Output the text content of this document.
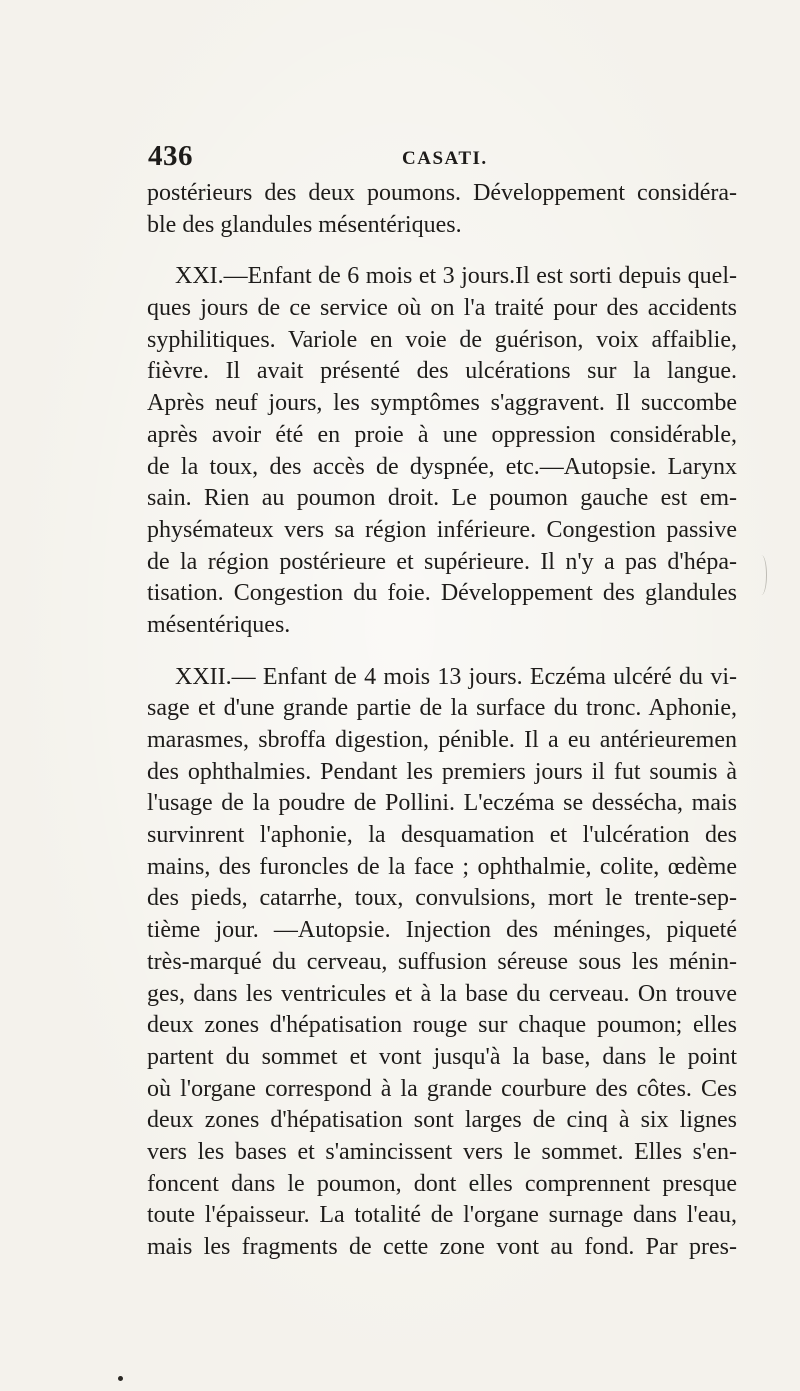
436	CASATI.
postérieurs des deux poumons. Développement considéra-
ble des glandules mésentériques.
XXI.—Enfant de 6 mois et 3 jours.Il est sorti depuis quel-
ques jours de ce service où on l'a traité pour des accidents
syphilitiques. Variole en voie de guérison, voix affaiblie,
fièvre. Il avait présenté des ulcérations sur la langue.
Après neuf jours, les symptômes s'aggravent. Il succombe
après avoir été en proie à une oppression considérable,
de la toux, des accès de dyspnée, etc.—Autopsie. Larynx
sain. Rien au poumon droit. Le poumon gauche est em-
physémateux vers sa région inférieure. Congestion passive
de la région postérieure et supérieure. Il n'y a pas d'hépa-
tisation. Congestion du foie. Développement des glandules
mésentériques.
XXII.— Enfant de 4 mois 13 jours. Eczéma ulcéré du vi-
sage et d'une grande partie de la surface du tronc. Aphonie,
marasmes, sbroffa digestion, pénible. Il a eu antérieuremen
des ophthalmies. Pendant les premiers jours il fut soumis à
l'usage de la poudre de Pollini. L'eczéma se dessécha, mais
survinrent l'aphonie, la desquamation et l'ulcération des
mains, des furoncles de la face ; ophthalmie, colite, œdème
des pieds, catarrhe, toux, convulsions, mort le trente-sep-
tième jour. —Autopsie. Injection des méninges, piqueté
très-marqué du cerveau, suffusion séreuse sous les ménin-
ges, dans les ventricules et à la base du cerveau. On trouve
deux zones d'hépatisation rouge sur chaque poumon; elles
partent du sommet et vont jusqu'à la base, dans le point
où l'organe correspond à la grande courbure des côtes. Ces
deux zones d'hépatisation sont larges de cinq à six lignes
vers les bases et s'amincissent vers le sommet. Elles s'en-
foncent dans le poumon, dont elles comprennent presque
toute l'épaisseur. La totalité de l'organe surnage dans l'eau,
mais les fragments de cette zone vont au fond. Par pres-
